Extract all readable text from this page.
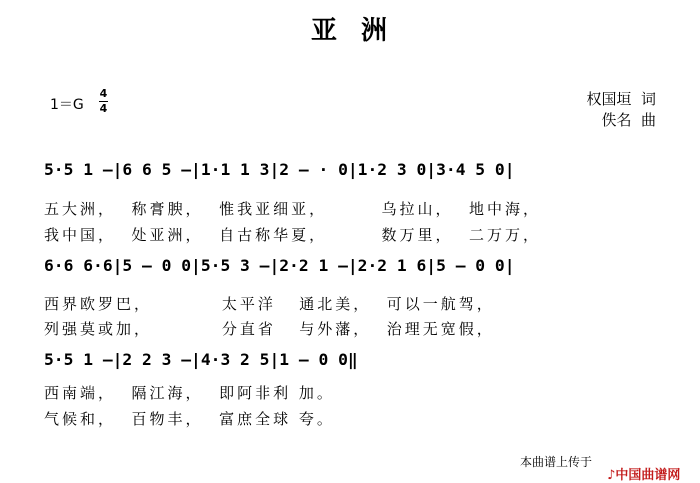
亚  洲
1＝G
4
4
权国垣  词
佚名  曲
5·5 1 —|6 6 5 —|1·1 1 3|2 — · 0|1·2 3 0|3·4 5 0|
五大洲，  称膏腴，  惟我亚细亚，       乌拉山，  地中海，
我中国，  处亚洲，  自古称华夏，       数万里，  二万万，
6·6 6·6|5 — 0 0|5·5 3 —|2·2 1 —|2·2 1 6|5 — 0 0|
西界欧罗巴，         太平洋   通北美，  可以一航驾，
列强莫或加，         分直省   与外藩，  治理无宽假，
5·5 1 —|2 2 3 —|4·3 2 5|1 — 0 0‖
西南端，  隔江海，  即阿非利 加。
气候和，  百物丰，  富庶全球 夸。
本曲谱上传于

♪中国曲谱网
